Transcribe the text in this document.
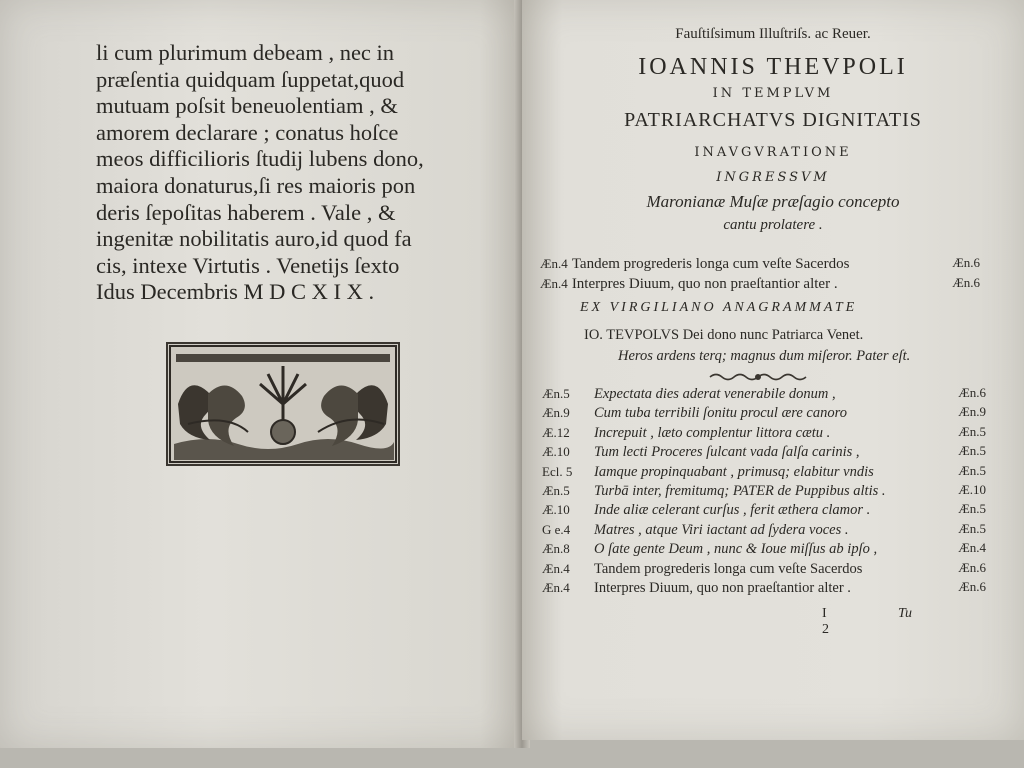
li cum plurimum debeam , nec in
præſentia quidquam ſuppetat,quod
mutuam poſsit beneuolentiam , &
amorem declarare ; conatus hoſce
meos difficilioris ſtudij lubens dono,
maiora donaturus,ſi res maioris pon
deris ſepoſitas haberem . Vale , &
ingenitæ nobilitatis auro,id quod fa
cis, intexe Virtutis . Venetijs ſexto
Idus Decembris M D C X I X .
Fauſtiſsimum Illuſtriſs. ac Reuer.
IOANNIS THEVPOLI
IN TEMPLVM
PATRIARCHATVS DIGNITATIS
INAVGVRATIONE
INGRESSVM
Maronianæ Muſæ præſagio concepto
cantu prolatere .
Æn.4 Tandem progrederis longa cum veſte Sacerdos	Æn.6
Æn.4 Interpres Diuum, quo non praeſtantior alter .	Æn.6
EX VIRGILIANO ANAGRAMMATE
IO. TEVPOLVS Dei dono nunc Patriarca Venet.
Heros ardens terq; magnus dum miſeror. Pater eſt.
Æn.5 Expectata dies aderat venerabile donum ,	Æn.6
Æn.9 Cum tuba terribili ſonitu procul ære canoro	Æn.9
Æ.12 Increpuit , læto complentur littora cætu .	Æn.5
Æ.10 Tum lecti Proceres ſulcant vada ſalſa carinis ,	Æn.5
Ecl. 5 Iamque propinquabant , primusq; elabitur vndis	Æn.5
Æn.5 Turbā inter, fremitumq; PATER de Puppibus altis .	Æ.10
Æ.10 Inde aliæ celerant curſus , ferit æthera clamor .	Æn.5
G e.4 Matres , atque Viri iactant ad ſydera voces .	Æn.5
Æn.8 O ſate gente Deum , nunc & Ioue miſſus ab ipſo ,	Æn.4
Æn.4 Tandem progrederis longa cum veſte Sacerdos	Æn.6
Æn.4 Interpres Diuum, quo non praeſtantior alter .	Æn.6
I 2
Tu
